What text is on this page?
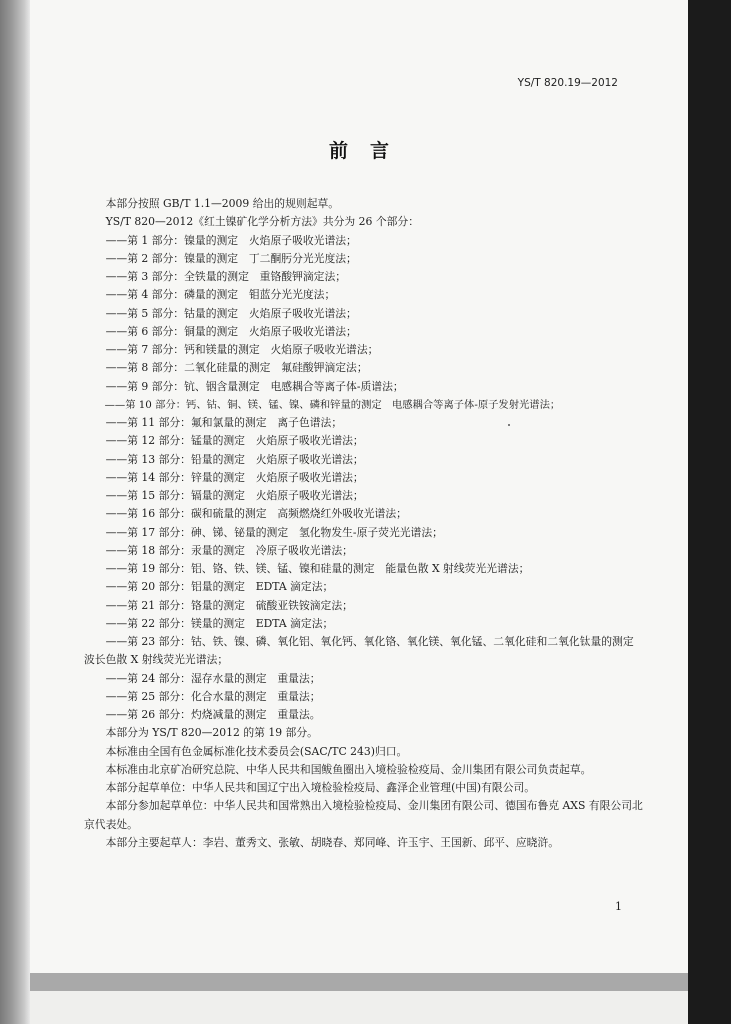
YS/T 820.19—2012
前言
本部分按照 GB/T 1.1—2009 给出的规则起草。
YS/T 820—2012《红土镍矿化学分析方法》共分为 26 个部分：
——第 1 部分：镍量的测定　火焰原子吸收光谱法；
——第 2 部分：镍量的测定　丁二酮肟分光光度法；
——第 3 部分：全铁量的测定　重铬酸钾滴定法；
——第 4 部分：磷量的测定　钼蓝分光光度法；
——第 5 部分：钴量的测定　火焰原子吸收光谱法；
——第 6 部分：铜量的测定　火焰原子吸收光谱法；
——第 7 部分：钙和镁量的测定　火焰原子吸收光谱法；
——第 8 部分：二氧化硅量的测定　氟硅酸钾滴定法；
——第 9 部分：钪、铟含量测定　电感耦合等离子体-质谱法；
——第 10 部分：钙、钴、铜、镁、锰、镍、磷和锌量的测定　电感耦合等离子体-原子发射光谱法；
——第 11 部分：氟和氯量的测定　离子色谱法；
——第 12 部分：锰量的测定　火焰原子吸收光谱法；
——第 13 部分：铅量的测定　火焰原子吸收光谱法；
——第 14 部分：锌量的测定　火焰原子吸收光谱法；
——第 15 部分：镉量的测定　火焰原子吸收光谱法；
——第 16 部分：碳和硫量的测定　高频燃烧红外吸收光谱法；
——第 17 部分：砷、锑、铋量的测定　氢化物发生-原子荧光光谱法；
——第 18 部分：汞量的测定　冷原子吸收光谱法；
——第 19 部分：铝、铬、铁、镁、锰、镍和硅量的测定　能量色散 X 射线荧光光谱法；
——第 20 部分：铝量的测定　EDTA 滴定法；
——第 21 部分：铬量的测定　硫酸亚铁铵滴定法；
——第 22 部分：镁量的测定　EDTA 滴定法；
——第 23 部分：钴、铁、镍、磷、氧化铝、氧化钙、氧化铬、氧化镁、氧化锰、二氧化硅和二氧化钛量的测定　波长色散 X 射线荧光光谱法；
——第 24 部分：湿存水量的测定　重量法；
——第 25 部分：化合水量的测定　重量法；
——第 26 部分：灼烧减量的测定　重量法。
本部分为 YS/T 820—2012 的第 19 部分。
本标准由全国有色金属标准化技术委员会(SAC/TC 243)归口。
本标准由北京矿冶研究总院、中华人民共和国鲅鱼圈出入境检验检疫局、金川集团有限公司负责起草。
本部分起草单位：中华人民共和国辽宁出入境检验检疫局、鑫泽企业管理(中国)有限公司。
本部分参加起草单位：中华人民共和国常熟出入境检验检疫局、金川集团有限公司、德国布鲁克 AXS 有限公司北京代表处。
本部分主要起草人：李岩、董秀文、张敏、胡晓春、郑同峰、许玉宇、王国新、邱平、应晓浒。
1
